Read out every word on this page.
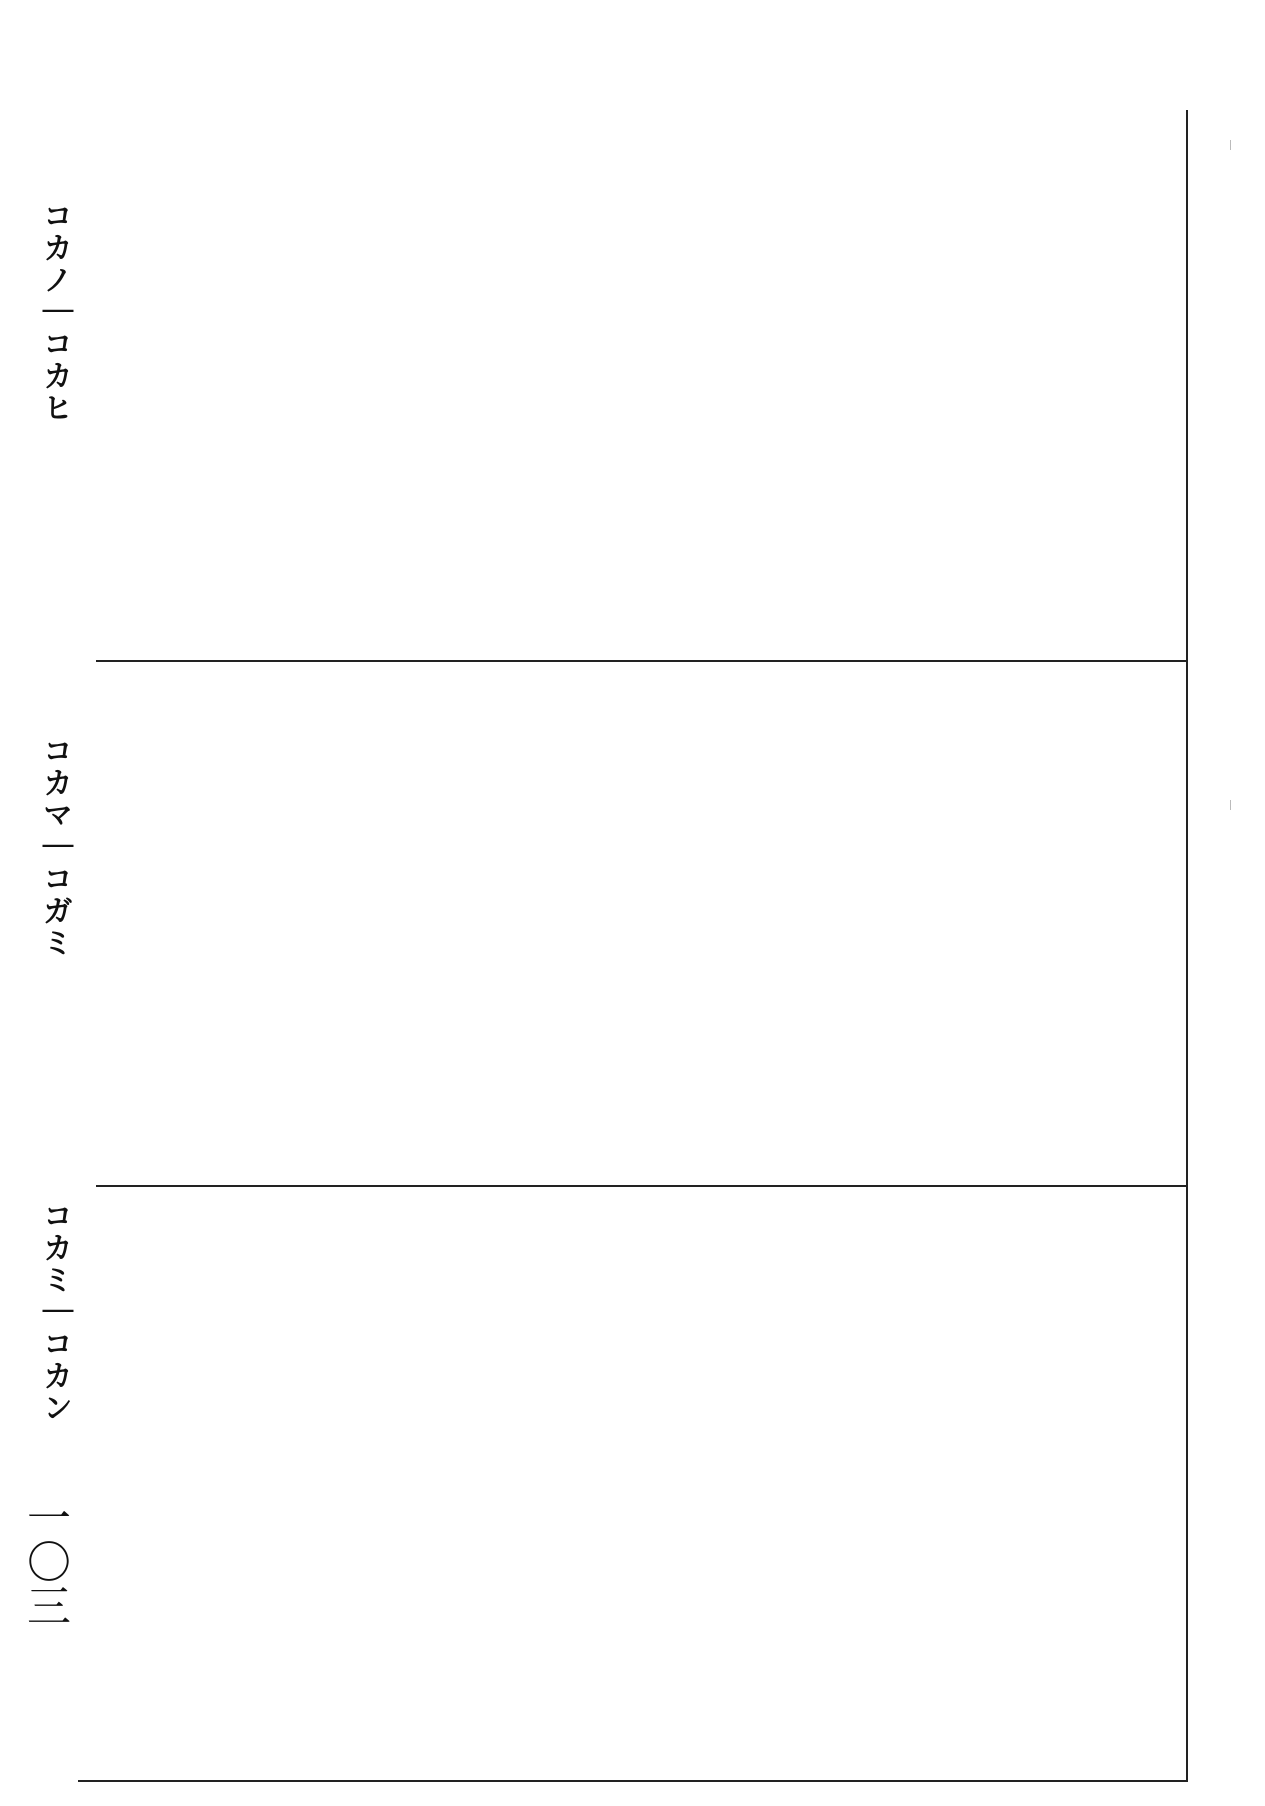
コカノ｜コカヒ
コカマ｜コガミ
コカミ｜コカン
一〇三
